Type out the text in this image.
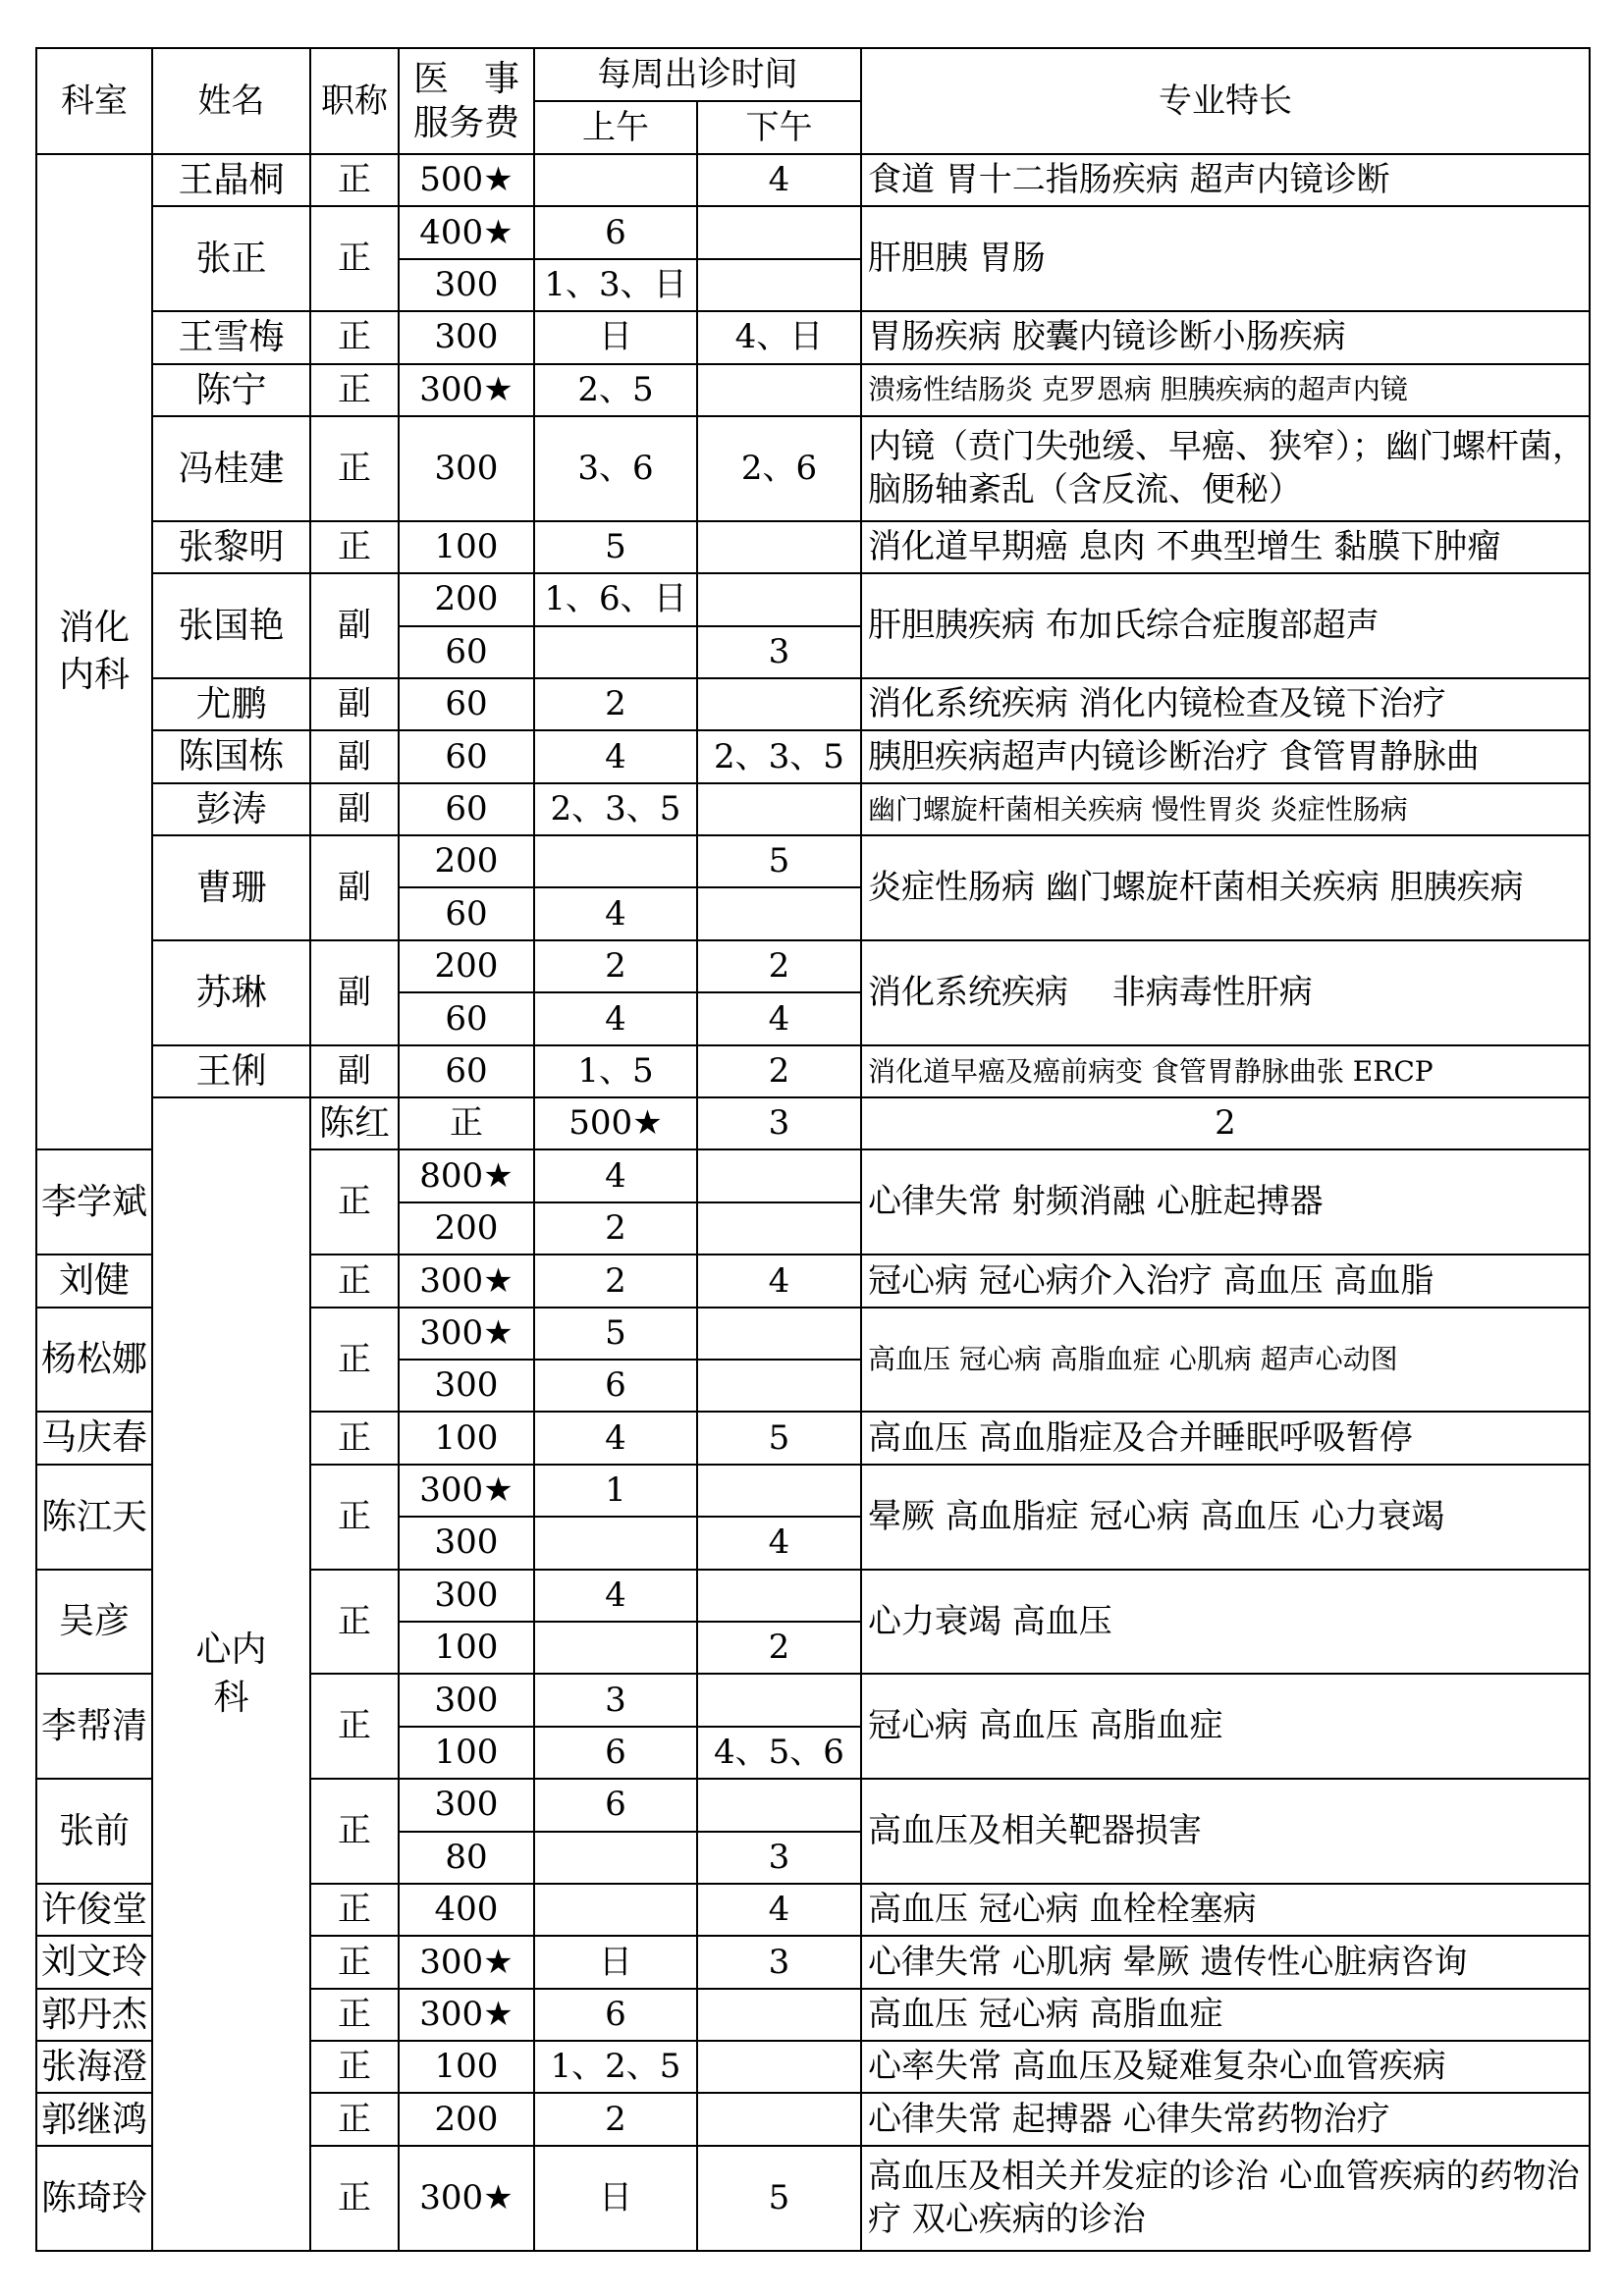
科室	姓名	职称	医　事
服务费	每周出诊时间		专业特长	
				上午	下午		

消化
内科	王晶桐	正	500★		4	食道 胃十二指肠疾病 超声内镜诊断	
	张正	正	400★	6		肝胆胰 胃肠	
			300	1、3、日			
	王雪梅	正	300	日	4、日	胃肠疾病 胶囊内镜诊断小肠疾病	
	陈宁	正	300★	2、5		溃疡性结肠炎 克罗恩病 胆胰疾病的超声内镜	
	冯桂建	正	300	3、6	2、6	内镜（贲门失弛缓、早癌、狭窄）；幽门螺杆菌，脑肠轴紊乱（含反流、便秘）	
	张黎明	正	100	5		消化道早期癌 息肉 不典型增生 黏膜下肿瘤	
	张国艳	副	200	1、6、日		肝胆胰疾病 布加氏综合症腹部超声	
			60		3		
	尤鹏	副	60	2		消化系统疾病 消化内镜检查及镜下治疗	
	陈国栋	副	60	4	2、3、5	胰胆疾病超声内镜诊断治疗 食管胃静脉曲	
	彭涛	副	60	2、3、5		幽门螺旋杆菌相关疾病 慢性胃炎 炎症性肠病	
	曹珊	副	200		5	炎症性肠病 幽门螺旋杆菌相关疾病 胆胰疾病	
			60	4			
	苏琳	副	200	2	2	消化系统疾病　 非病毒性肝病	
			60	4	4		
	王俐	副	60	1、5	2	消化道早癌及癌前病变 食管胃静脉曲张 ERCP	

	心内
科	陈红	正	500★	3	2	
李学斌		正	800★	4		心律失常 射频消融 心脏起搏器	
			200	2			
刘健		正	300★	2	4	冠心病 冠心病介入治疗 高血压 高血脂	
杨松娜		正	300★	5		高血压 冠心病 高脂血症 心肌病 超声心动图	
			300	6			
马庆春		正	100	4	5	高血压 高血脂症及合并睡眠呼吸暂停	
陈江天		正	300★	1		晕厥 高血脂症 冠心病 高血压 心力衰竭	
			300		4		
吴彦		正	300	4		心力衰竭 高血压	
			100		2		
李帮清		正	300	3		冠心病 高血压 高脂血症	
			100	6	4、5、6		
张前		正	300	6		高血压及相关靶器损害	
			80		3		
许俊堂		正	400		4	高血压 冠心病 血栓栓塞病	
刘文玲		正	300★	日	3	心律失常 心肌病 晕厥 遗传性心脏病咨询	
郭丹杰		正	300★	6		高血压 冠心病 高脂血症	
张海澄		正	100	1、2、5		心率失常 高血压及疑难复杂心血管疾病	
郭继鸿		正	200	2		心律失常 起搏器 心律失常药物治疗	
陈琦玲		正	300★	日	5	高血压及相关并发症的诊治 心血管疾病的药物治疗 双心疾病的诊治	
